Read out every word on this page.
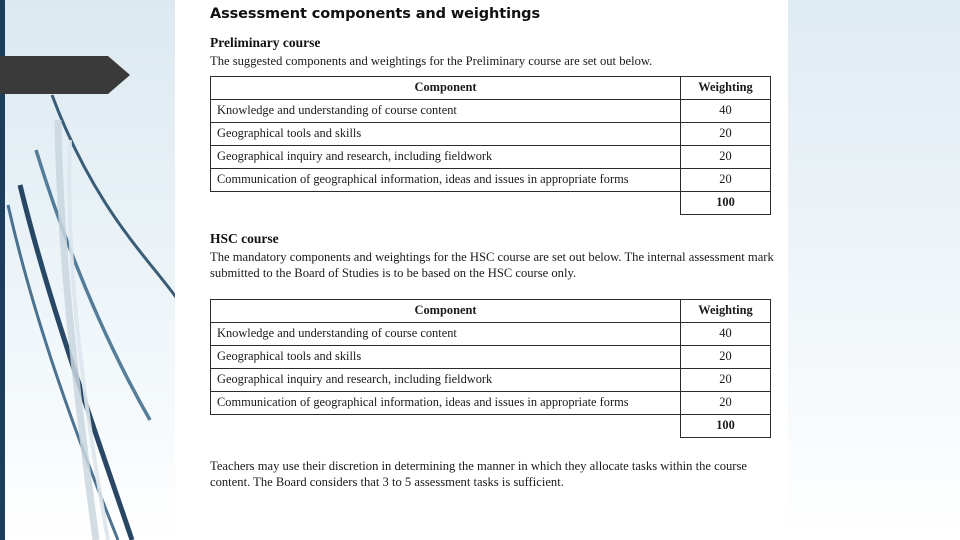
Assessment components and weightings
Preliminary course

The suggested components and weightings for the Preliminary course are set out below.

Component	Weighting
Knowledge and understanding of course content	40
Geographical tools and skills	20
Geographical inquiry and research, including fieldwork	20
Communication of geographical information, ideas and issues in appropriate forms	20
	100
HSC course

The mandatory components and weightings for the HSC course are set out below. The internal assessment mark submitted to the Board of Studies is to be based on the HSC course only.

Component	Weighting
Knowledge and understanding of course content	40
Geographical tools and skills	20
Geographical inquiry and research, including fieldwork	20
Communication of geographical information, ideas and issues in appropriate forms	20
	100

Teachers may use their discretion in determining the manner in which they allocate tasks within the course content. The Board considers that 3 to 5 assessment tasks is sufficient.
